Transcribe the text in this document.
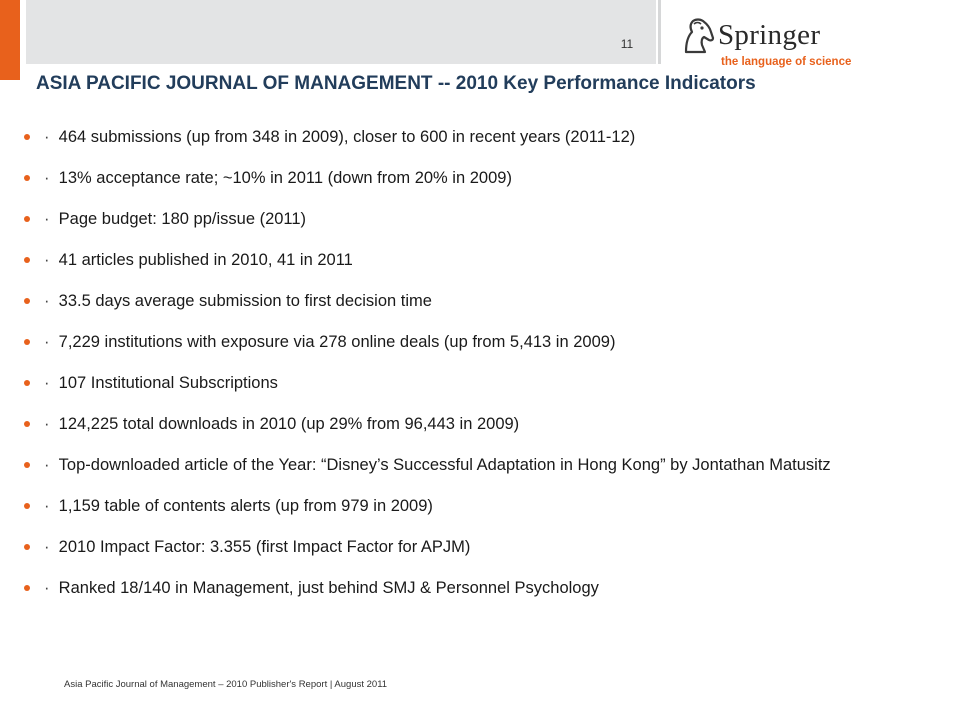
11	Springer
the language of science
ASIA PACIFIC JOURNAL OF MANAGEMENT -- 2010 Key Performance Indicators
· 464 submissions (up from 348 in 2009), closer to 600 in recent years (2011-12)
· 13% acceptance rate; ~10% in 2011 (down from 20% in 2009)
· Page budget: 180 pp/issue (2011)
· 41 articles published in 2010, 41 in 2011
· 33.5 days average submission to first decision time
· 7,229 institutions with exposure via 278 online deals (up from 5,413 in 2009)
· 107 Institutional Subscriptions
· 124,225 total downloads in 2010 (up 29% from 96,443 in 2009)
· Top-downloaded article of the Year: “Disney’s Successful Adaptation in Hong Kong” by Jontathan Matusitz
· 1,159 table of contents alerts (up from 979 in 2009)
· 2010 Impact Factor: 3.355 (first Impact Factor for APJM)
· Ranked 18/140 in Management, just behind SMJ & Personnel Psychology
Asia Pacific Journal of Management – 2010 Publisher's Report | August 2011
